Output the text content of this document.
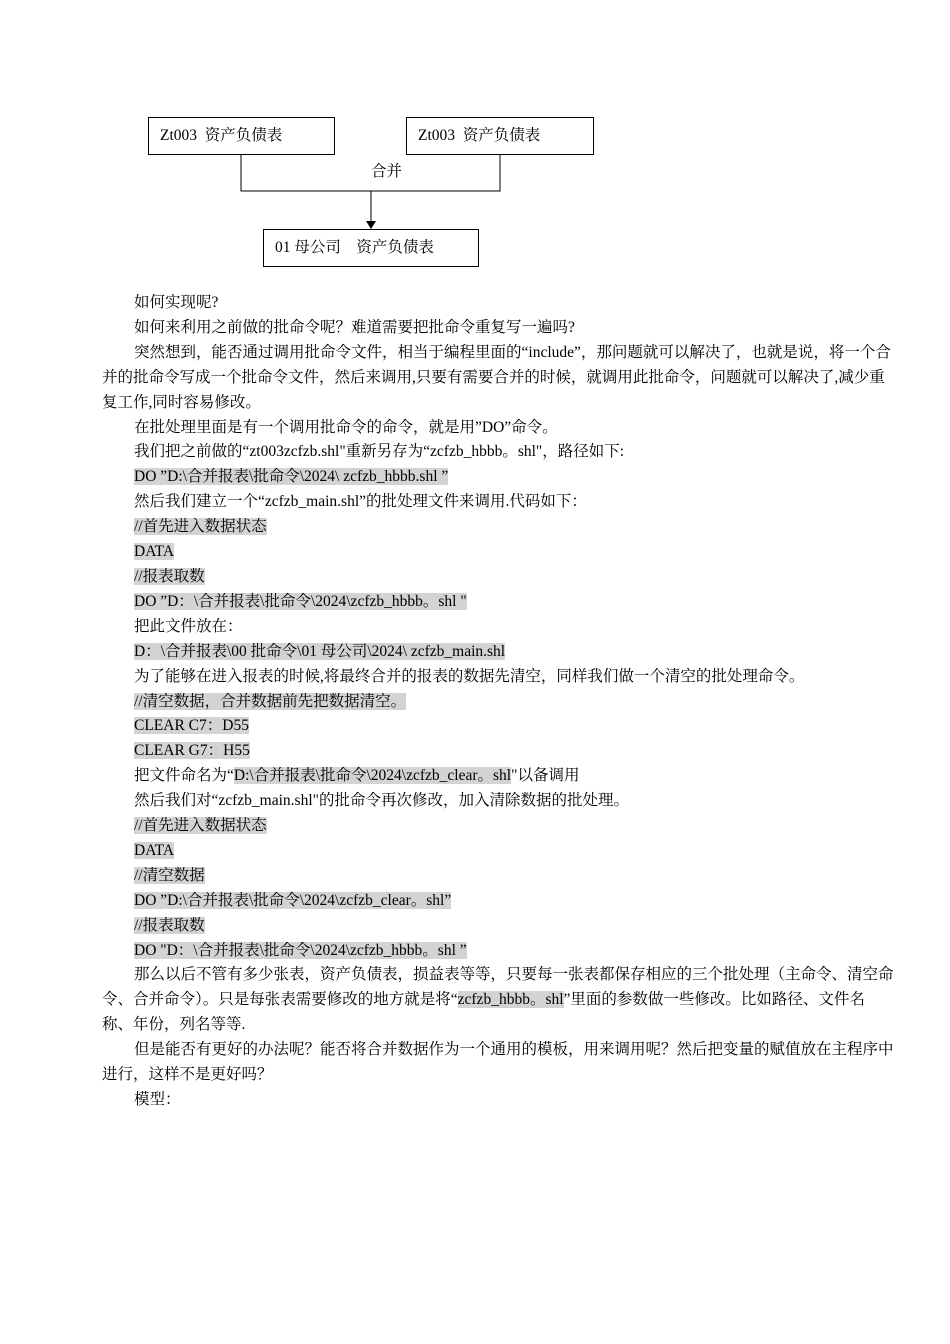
Zt003  资产负债表	Zt003  资产负债表
合并
01 母公司    资产负债表

如何实现呢?

如何来利用之前做的批命令呢？难道需要把批命令重复写一遍吗?

突然想到，能否通过调用批命令文件，相当于编程里面的“include”，那问题就可以解决了，也就是说，将一个合并的批命令写成一个批命令文件，然后来调用,只要有需要合并的时候，就调用此批命令，问题就可以解决了,减少重复工作,同时容易修改。

在批处理里面是有一个调用批命令的命令，就是用”DO”命令。

我们把之前做的“zt003zcfzb.shl"重新另存为“zcfzb_hbbb。shl"，路径如下:

DO ”D:\合并报表\批命令\2024\ zcfzb_hbbb.shl ”

然后我们建立一个“zcfzb_main.shl”的批处理文件来调用.代码如下：

//首先进入数据状态

DATA

//报表取数

DO ”D：\合并报表\批命令\2024\zcfzb_hbbb。shl "

把此文件放在：

D：\合并报表\00 批命令\01 母公司\2024\ zcfzb_main.shl

为了能够在进入报表的时候,将最终合并的报表的数据先清空，同样我们做一个清空的批处理命令。

//清空数据，合并数据前先把数据清空。

CLEAR C7：D55

CLEAR G7：H55

把文件命名为“D:\合并报表\批命令\2024\zcfzb_clear。shl"以备调用

然后我们对“zcfzb_main.shl"的批命令再次修改，加入清除数据的批处理。

//首先进入数据状态

DATA

//清空数据

DO ”D:\合并报表\批命令\2024\zcfzb_clear。shl”

//报表取数

DO "D：\合并报表\批命令\2024\zcfzb_hbbb。shl ”

那么以后不管有多少张表，资产负债表，损益表等等，只要每一张表都保存相应的三个批处理（主命令、清空命令、合并命令）。只是每张表需要修改的地方就是将“zcfzb_hbbb。shl”里面的参数做一些修改。比如路径、文件名称、年份，列名等等.

但是能否有更好的办法呢？能否将合并数据作为一个通用的模板，用来调用呢？然后把变量的赋值放在主程序中进行，这样不是更好吗？

模型：
